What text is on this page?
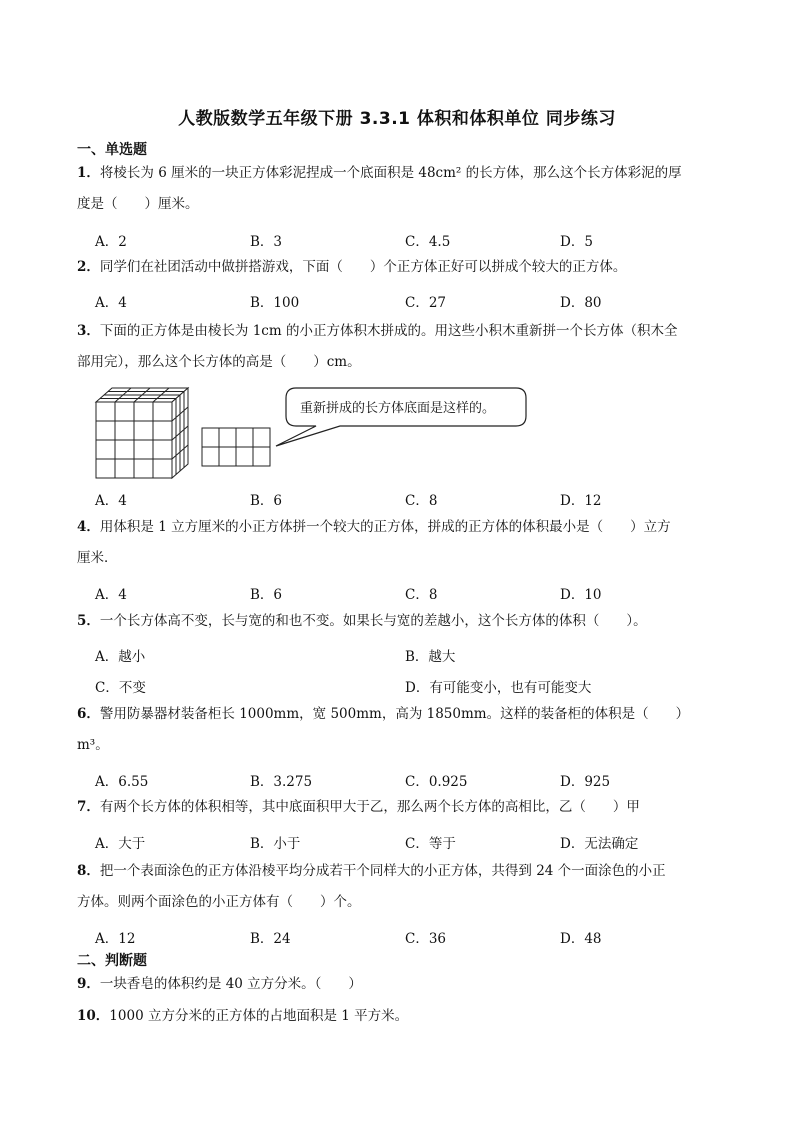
人教版数学五年级下册 3.3.1 体积和体积单位 同步练习
一、单选题
1．将棱长为 6 厘米的一块正方体彩泥捏成一个底面积是 48cm² 的长方体，那么这个长方体彩泥的厚
度是（　　）厘米。
A．2	B．3	C．4.5	D．5
2．同学们在社团活动中做拼搭游戏，下面（　　）个正方体正好可以拼成个较大的正方体。
A．4	B．100	C．27	D．80
3．下面的正方体是由棱长为 1cm 的小正方体积木拼成的。用这些小积木重新拼一个长方体（积木全
部用完），那么这个长方体的高是（　　）cm。
重新拼成的长方体底面是这样的。
A．4	B．6	C．8	D．12
4．用体积是 1 立方厘米的小正方体拼一个较大的正方体，拼成的正方体的体积最小是（　　）立方
厘米．
A．4	B．6	C．8	D．10
5．一个长方体高不变，长与宽的和也不变。如果长与宽的差越小，这个长方体的体积（　　）。
A．越小	B．越大
C．不变	D．有可能变小，也有可能变大
6．警用防暴器材装备柜长 1000mm，宽 500mm，高为 1850mm。这样的装备柜的体积是（　　）
m³。
A．6.55	B．3.275	C．0.925	D．925
7．有两个长方体的体积相等，其中底面积甲大于乙，那么两个长方体的高相比，乙（　　）甲
A．大于	B．小于	C．等于	D．无法确定
8．把一个表面涂色的正方体沿棱平均分成若干个同样大的小正方体，共得到 24 个一面涂色的小正
方体。则两个面涂色的小正方体有（　　）个。
A．12	B．24	C．36	D．48
二、判断题
9．一块香皂的体积约是 40 立方分米。（　　）
10．1000 立方分米的正方体的占地面积是 1 平方米。
